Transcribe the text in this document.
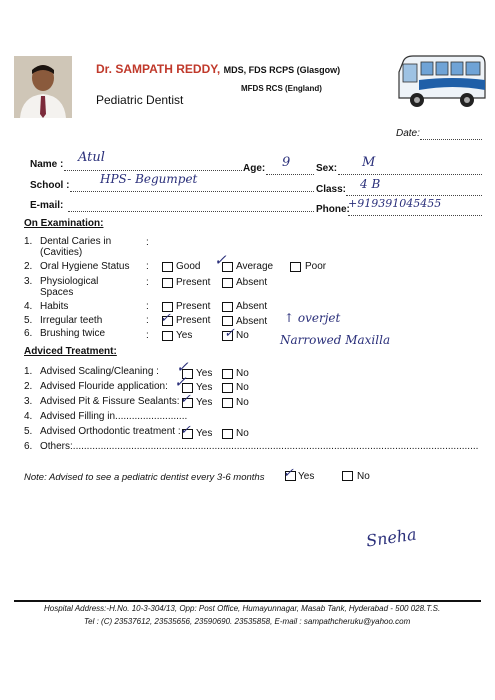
Dr. SAMPATH REDDY, MDS, FDS RCPS (Glasgow)
MFDS RCS (England)
Pediatric Dentist
Date:
Name : Atul
Age: 9	Sex: M
School :	HPS- Begumpet
Class: 4 B
E-mail:	Phone:
+919391045455
On Examination:
1. Dental Caries in
(Cavities)
:
2. Oral Hygiene Status :	Good ✓ Average	Poor
3. Physiological
Spaces
:	Present	Absent
4. Habits	:	Present	Absent
5. Irregular teeth	: ✓ Present	Absent ↑ overjet
6. Brushing twice	:	Yes ✓ No	Narrowed Maxilla
Adviced Treatment:
1. Advised Scaling/Cleaning : ✓ Yes No
2. Advised Flouride application: ✓ Yes No
3. Advised Pit & Fissure Sealants: ✓ Yes No
4. Advised Filling in..........................
5. Advised Orthodontic treatment : ✓ Yes No
6. Others:..................................................................................................................................................
Note: Advised to see a pediatric dentist every 3-6 months ✓ Yes	No
Sneha
Hospital Address:-H.No. 10-3-304/13, Opp: Post Office, Humayunnagar, Masab Tank, Hyderabad - 500 028.T.S.
Tel : (C) 23537612, 23535656, 23590690. 23535858, E-mail : sampathcheruku@yahoo.com
